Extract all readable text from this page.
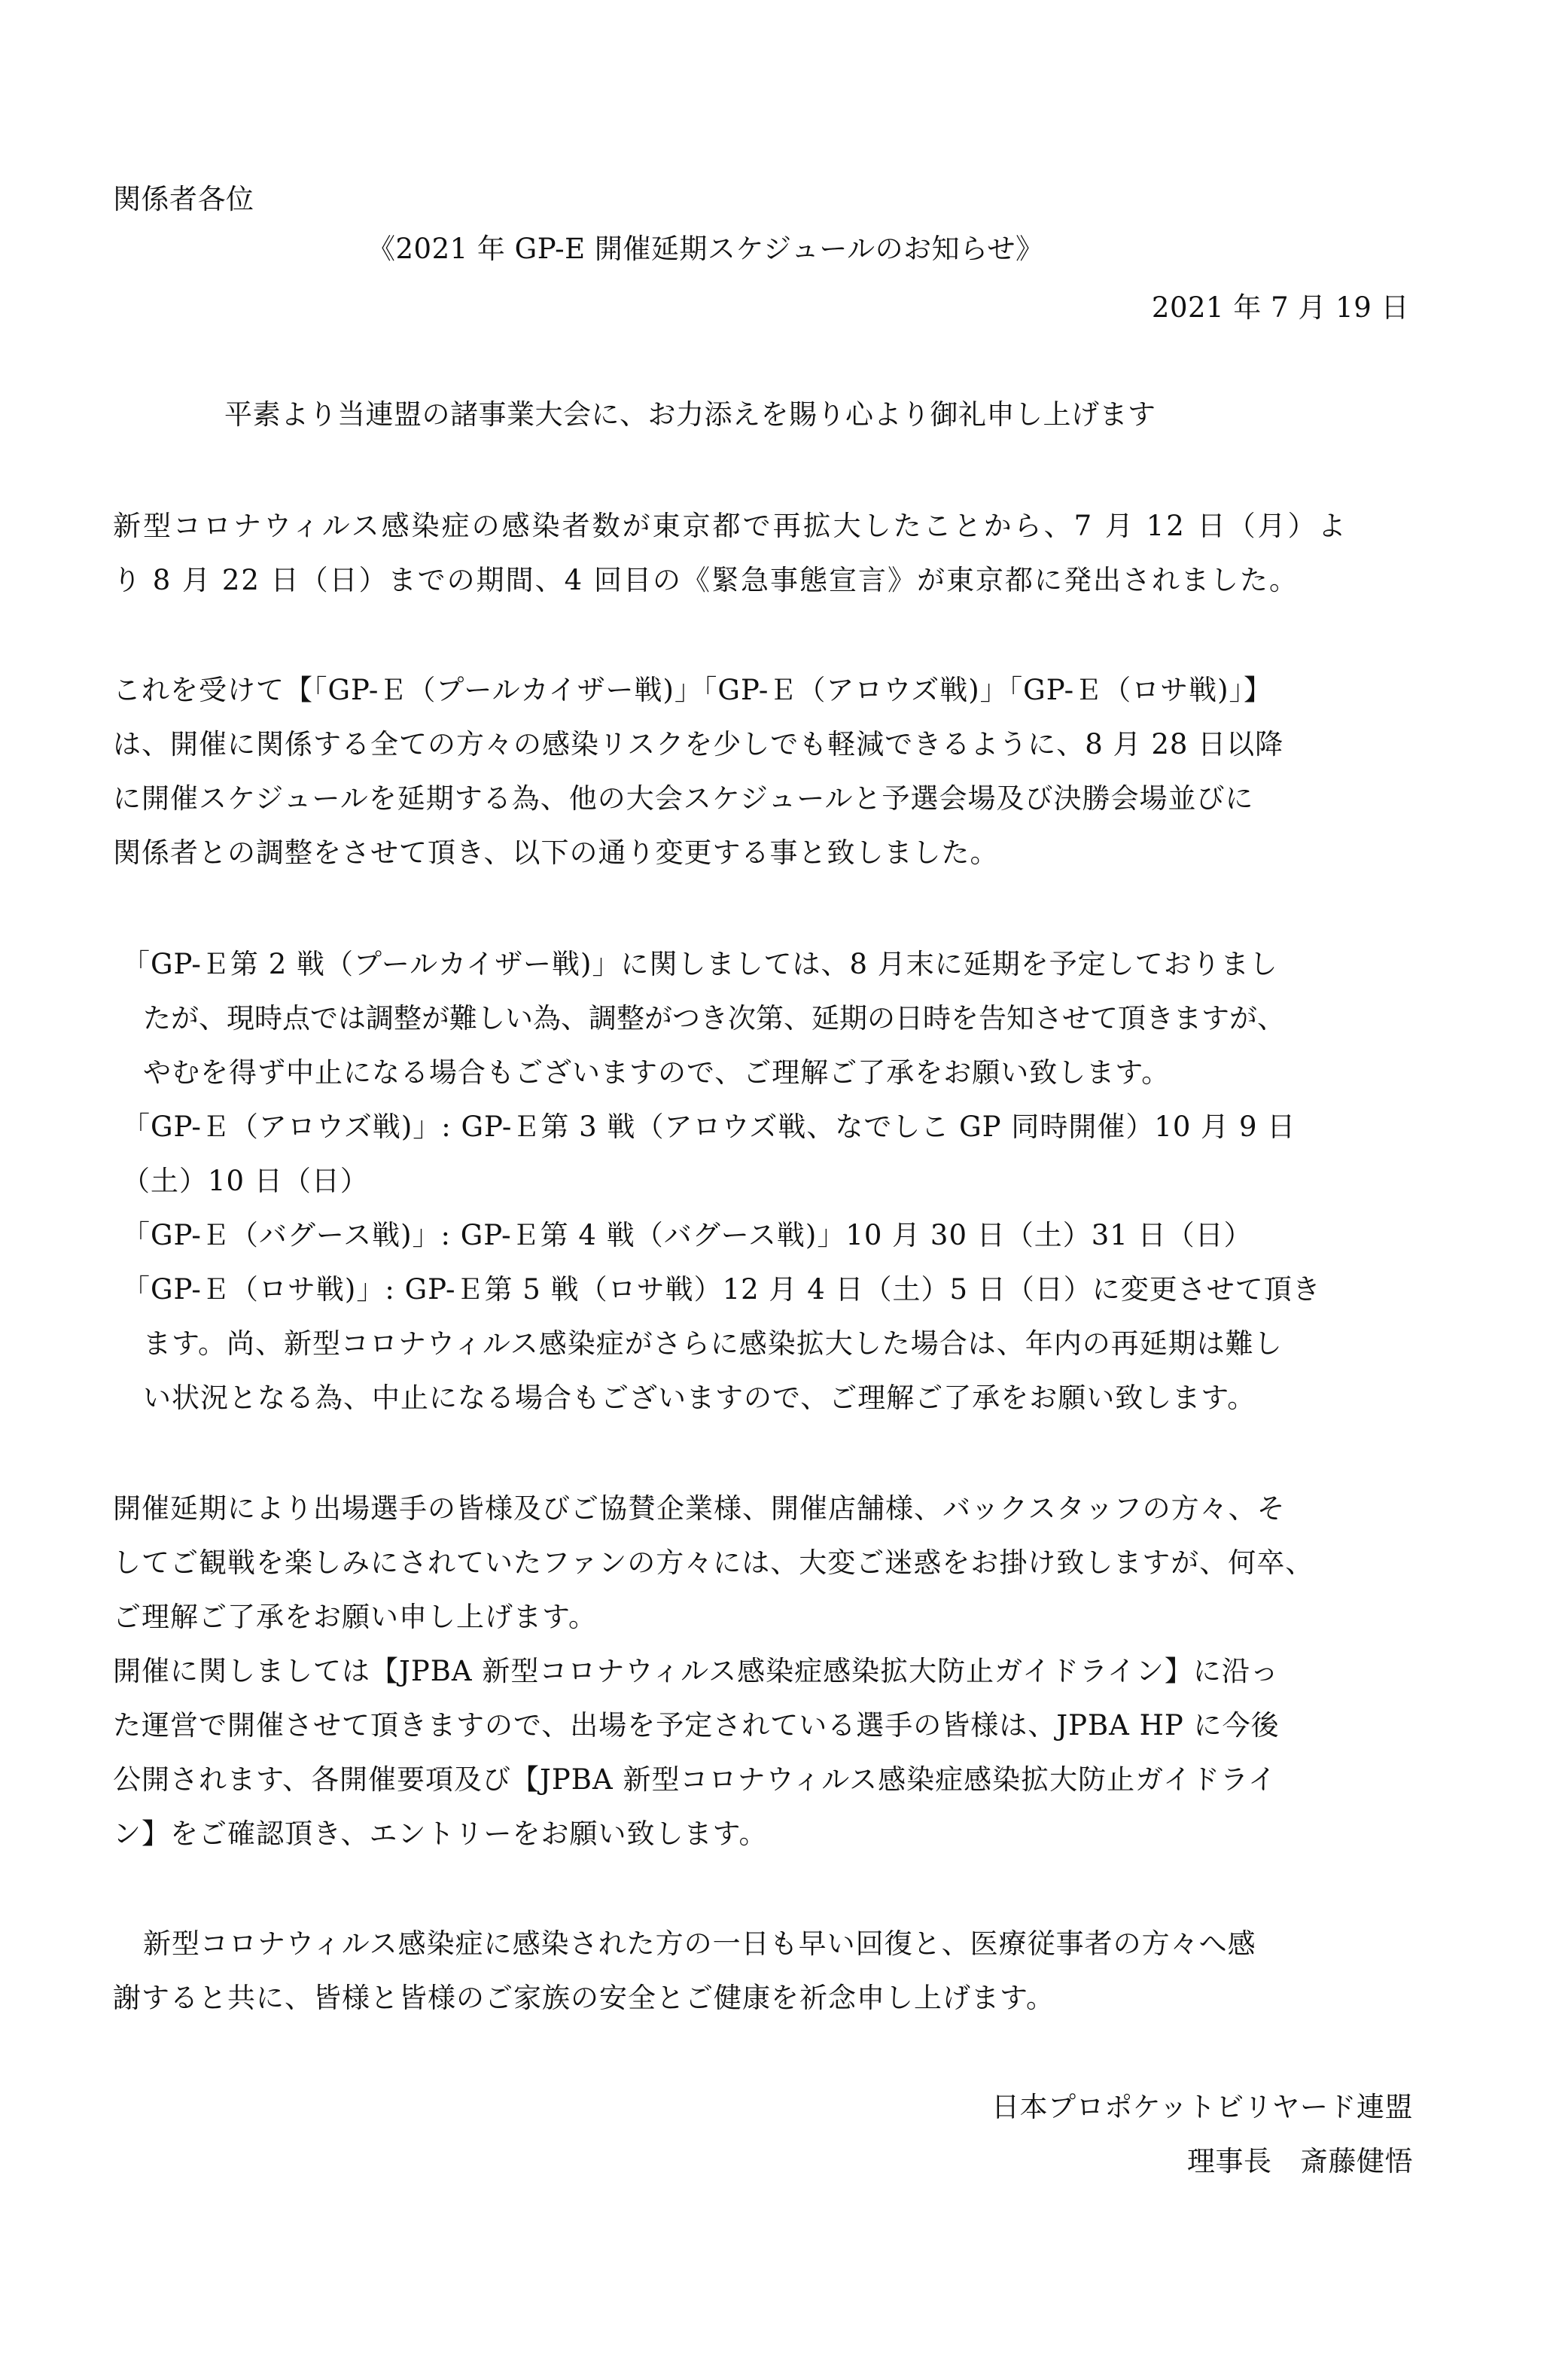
関係者各位
《2021 年 GP-E 開催延期スケジュールのお知らせ》
2021 年 7 月 19 日
平素より当連盟の諸事業大会に、お力添えを賜り心より御礼申し上げます
新型コロナウィルス感染症の感染者数が東京都で再拡大したことから、7 月 12 日（月）よ
り 8 月 22 日（日）までの期間、4 回目の《緊急事態宣言》が東京都に発出されました。
これを受けて【「GP-Ｅ（プールカイザー戦)」「GP-Ｅ（アロウズ戦)」「GP-Ｅ（ロサ戦)」】
は、開催に関係する全ての方々の感染リスクを少しでも軽減できるように、8 月 28 日以降
に開催スケジュールを延期する為、他の大会スケジュールと予選会場及び決勝会場並びに
関係者との調整をさせて頂き、以下の通り変更する事と致しました。
「GP-Ｅ第 2 戦（プールカイザー戦)」に関しましては、8 月末に延期を予定しておりまし
たが、現時点では調整が難しい為、調整がつき次第、延期の日時を告知させて頂きますが、
やむを得ず中止になる場合もございますので、ご理解ご了承をお願い致します。
「GP-Ｅ（アロウズ戦)」: GP-Ｅ第 3 戦（アロウズ戦、なでしこ GP 同時開催）10 月 9 日
（土）10 日（日）
「GP-Ｅ（バグース戦)」: GP-Ｅ第 4 戦（バグース戦)」10 月 30 日（土）31 日（日）
「GP-Ｅ（ロサ戦)」: GP-Ｅ第 5 戦（ロサ戦）12 月 4 日（土）5 日（日）に変更させて頂き
ます。尚、新型コロナウィルス感染症がさらに感染拡大した場合は、年内の再延期は難し
い状況となる為、中止になる場合もございますので、ご理解ご了承をお願い致します。
開催延期により出場選手の皆様及びご協賛企業様、開催店舗様、バックスタッフの方々、そ
してご観戦を楽しみにされていたファンの方々には、大変ご迷惑をお掛け致しますが、何卒、
ご理解ご了承をお願い申し上げます。
開催に関しましては【JPBA 新型コロナウィルス感染症感染拡大防止ガイドライン】に沿っ
た運営で開催させて頂きますので、出場を予定されている選手の皆様は、JPBA HP に今後
公開されます、各開催要項及び【JPBA 新型コロナウィルス感染症感染拡大防止ガイドライ
ン】をご確認頂き、エントリーをお願い致します。
新型コロナウィルス感染症に感染された方の一日も早い回復と、医療従事者の方々へ感
謝すると共に、皆様と皆様のご家族の安全とご健康を祈念申し上げます。
日本プロポケットビリヤード連盟
理事長　斎藤健悟
